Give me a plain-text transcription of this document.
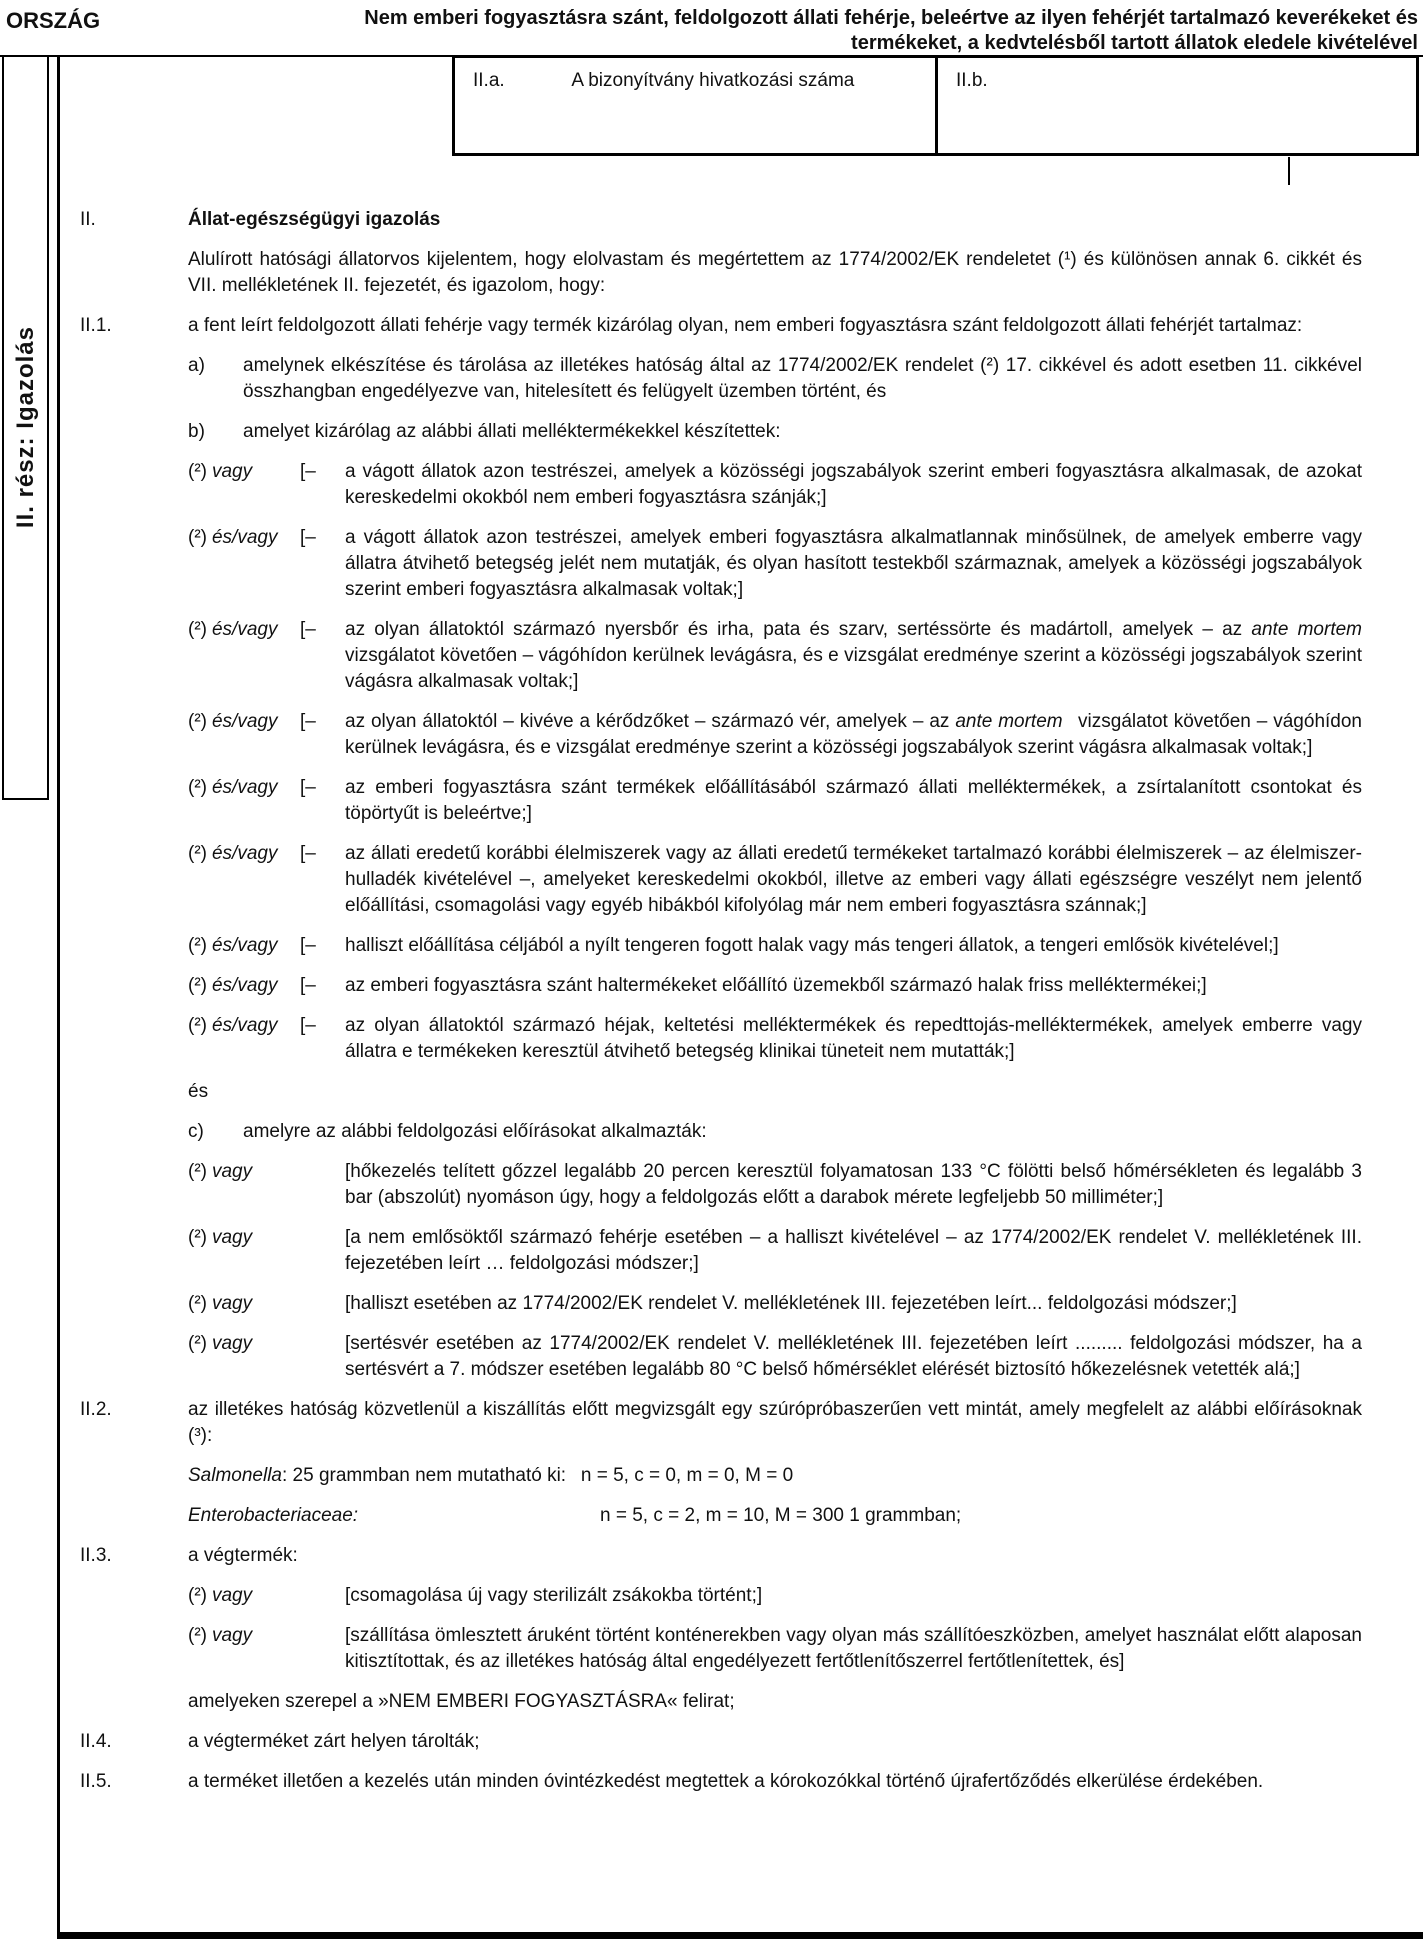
ORSZÁG	Nem emberi fogyasztásra szánt, feldolgozott állati fehérje, beleértve az ilyen fehérjét tartalmazó keverékeket és
termékeket, a kedvtelésből tartott állatok eledele kivételével
II. rész: Igazolás
II.a.	A bizonyítvány hivatkozási száma	II.b.
II.	Állat-egészségügyi igazolás
Alulírott hatósági állatorvos kijelentem, hogy elolvastam és megértettem az 1774/2002/EK rendeletet (¹) és különösen annak 6. cikkét és VII. mellékletének II. fejezetét, és igazolom, hogy:
II.1.	a fent leírt feldolgozott állati fehérje vagy termék kizárólag olyan, nem emberi fogyasztásra szánt feldolgozott állati fehérjét tartalmaz:
a)	amelynek elkészítése és tárolása az illetékes hatóság által az 1774/2002/EK rendelet (²) 17. cikkével és adott esetben 11. cikkével összhangban engedélyezve van, hitelesített és felügyelt üzemben történt, és
b)	amelyet kizárólag az alábbi állati melléktermékekkel készítettek:
(²) vagy	[–	a vágott állatok azon testrészei, amelyek a közösségi jogszabályok szerint emberi fogyasztásra alkalmasak, de azokat kereskedelmi okokból nem emberi fogyasztásra szánják;]
(²) és/vagy	[–	a vágott állatok azon testrészei, amelyek emberi fogyasztásra alkalmatlannak minősülnek, de amelyek emberre vagy állatra átvihető betegség jelét nem mutatják, és olyan hasított testekből származnak, amelyek a közösségi jogszabályok szerint emberi fogyasztásra alkalmasak voltak;]
(²) és/vagy	[–	az olyan állatoktól származó nyersbőr és irha, pata és szarv, sertéssörte és madártoll, amelyek – az ante mortem vizsgálatot követően – vágóhídon kerülnek levágásra, és e vizsgálat eredménye szerint a közösségi jogszabályok szerint vágásra alkalmasak voltak;]
(²) és/vagy	[–	az olyan állatoktól – kivéve a kérődzőket – származó vér, amelyek – az ante mortem  vizsgálatot követően – vágóhídon kerülnek levágásra, és e vizsgálat eredménye szerint a közösségi jogszabályok szerint vágásra alkalmasak voltak;]
(²) és/vagy	[–	az emberi fogyasztásra szánt termékek előállításából származó állati melléktermékek, a zsírtalanított csontokat és töpörtyűt is beleértve;]
(²) és/vagy	[–	az állati eredetű korábbi élelmiszerek vagy az állati eredetű termékeket tartalmazó korábbi élelmiszerek – az élelmiszer-hulladék kivételével –, amelyeket kereskedelmi okokból, illetve az emberi vagy állati egészségre veszélyt nem jelentő előállítási, csomagolási vagy egyéb hibákból kifolyólag már nem emberi fogyasztásra szánnak;]
(²) és/vagy	[–	halliszt előállítása céljából a nyílt tengeren fogott halak vagy más tengeri állatok, a tengeri emlősök kivételével;]
(²) és/vagy	[–	az emberi fogyasztásra szánt haltermékeket előállító üzemekből származó halak friss melléktermékei;]
(²) és/vagy	[–	az olyan állatoktól származó héjak, keltetési melléktermékek és repedttojás-melléktermékek, amelyek emberre vagy állatra e termékeken keresztül átvihető betegség klinikai tüneteit nem mutatták;]
és
c)	amelyre az alábbi feldolgozási előírásokat alkalmazták:
(²) vagy	[hőkezelés telített gőzzel legalább 20 percen keresztül folyamatosan 133 °C fölötti belső hőmérsékleten és legalább 3 bar (abszolút) nyomáson úgy, hogy a feldolgozás előtt a darabok mérete legfeljebb 50 milliméter;]
(²) vagy	[a nem emlősöktől származó fehérje esetében – a halliszt kivételével – az 1774/2002/EK rendelet V. mellékletének III. fejezetében leírt … feldolgozási módszer;]
(²) vagy	[halliszt esetében az 1774/2002/EK rendelet V. mellékletének III. fejezetében leírt... feldolgozási módszer;]
(²) vagy	[sertésvér esetében az 1774/2002/EK rendelet V. mellékletének III. fejezetében leírt ......... feldolgozási módszer, ha a sertésvért a 7. módszer esetében legalább 80 °C belső hőmérséklet elérését biztosító hőkezelésnek vetették alá;]
II.2.	az illetékes hatóság közvetlenül a kiszállítás előtt megvizsgált egy szúrópróbaszerűen vett mintát, amely megfelelt az alábbi előírásoknak (³):
Salmonella: 25 grammban nem mutatható ki:  n = 5, c = 0, m = 0, M = 0
Enterobacteriaceae:	n = 5, c = 2, m = 10, M = 300 1 grammban;
II.3.	a végtermék:
(²) vagy	[csomagolása új vagy sterilizált zsákokba történt;]
(²) vagy	[szállítása ömlesztett áruként történt konténerekben vagy olyan más szállítóeszközben, amelyet használat előtt alaposan kitisztítottak, és az illetékes hatóság által engedélyezett fertőtlenítőszerrel fertőtlenítettek, és]
amelyeken szerepel a »NEM EMBERI FOGYASZTÁSRA« felirat;
II.4.	a végterméket zárt helyen tárolták;
II.5.	a terméket illetően a kezelés után minden óvintézkedést megtettek a kórokozókkal történő újrafertőződés elkerülése érdekében.
